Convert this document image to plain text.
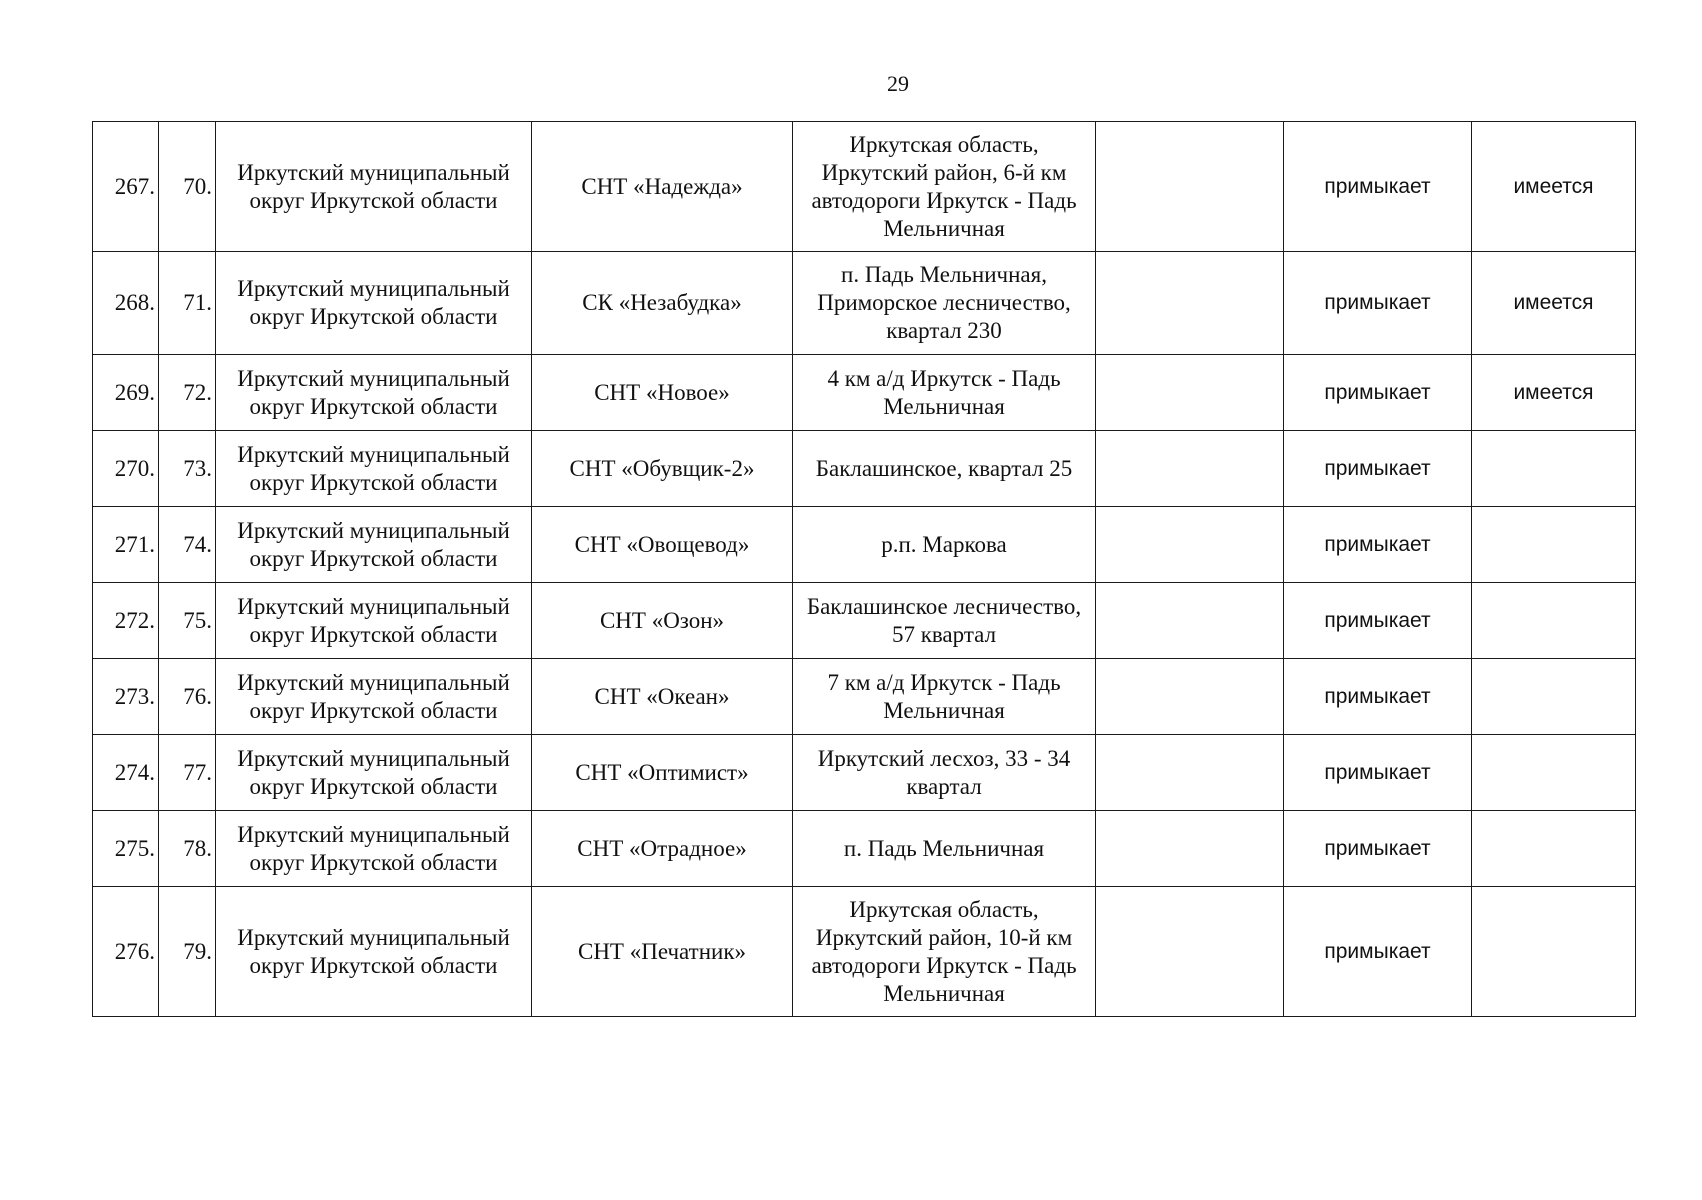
29
267.	70.	Иркутский муниципальный округ Иркутской области	СНТ «Надежда»	Иркутская область, Иркутский район, 6-й км автодороги Иркутск - Падь Мельничная		примыкает	имеется
268.	71.	Иркутский муниципальный округ Иркутской области	СК «Незабудка»	п. Падь Мельничная, Приморское лесничество, квартал 230		примыкает	имеется
269.	72.	Иркутский муниципальный округ Иркутской области	СНТ «Новое»	4 км а/д Иркутск - Падь Мельничная		примыкает	имеется
270.	73.	Иркутский муниципальный округ Иркутской области	СНТ «Обувщик-2»	Баклашинское, квартал 25		примыкает	
271.	74.	Иркутский муниципальный округ Иркутской области	СНТ «Овощевод»	р.п. Маркова		примыкает	
272.	75.	Иркутский муниципальный округ Иркутской области	СНТ «Озон»	Баклашинское лесничество, 57 квартал		примыкает	
273.	76.	Иркутский муниципальный округ Иркутской области	СНТ «Океан»	7 км а/д Иркутск - Падь Мельничная		примыкает	
274.	77.	Иркутский муниципальный округ Иркутской области	СНТ «Оптимист»	Иркутский лесхоз, 33 - 34 квартал		примыкает	
275.	78.	Иркутский муниципальный округ Иркутской области	СНТ «Отрадное»	п. Падь Мельничная		примыкает	
276.	79.	Иркутский муниципальный округ Иркутской области	СНТ «Печатник»	Иркутская область, Иркутский район, 10-й км автодороги Иркутск - Падь Мельничная		примыкает	
